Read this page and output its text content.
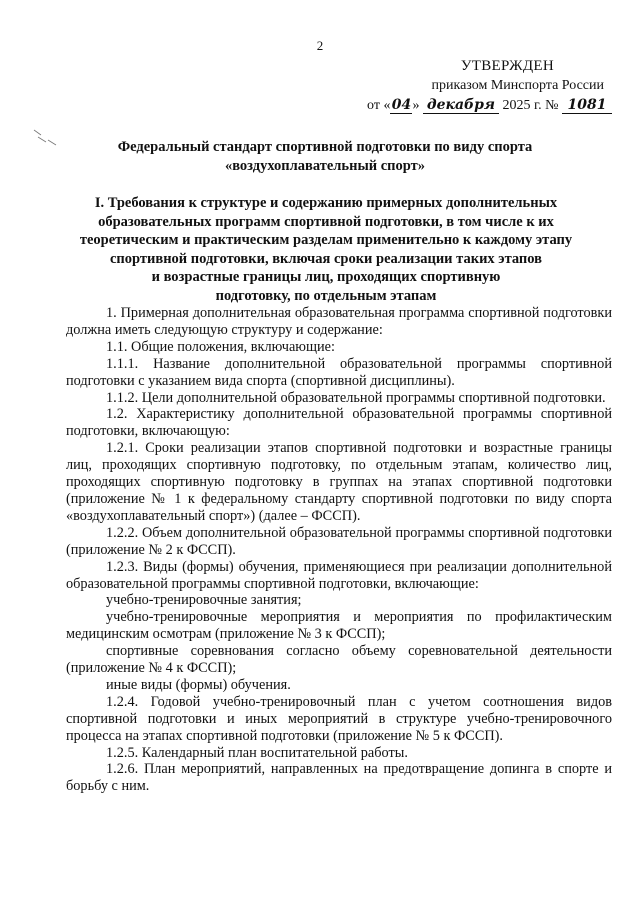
2
УТВЕРЖДЕН
приказом Минспорта России
от «04» декабря 2025 г. № 1081
Федеральный стандарт спортивной подготовки по виду спорта
«воздухоплавательный спорт»
I. Требования к структуре и содержанию примерных дополнительных
образовательных программ спортивной подготовки, в том числе к их
теоретическим и практическим разделам применительно к каждому этапу
спортивной подготовки, включая сроки реализации таких этапов
и возрастные границы лиц, проходящих спортивную
подготовку, по отдельным этапам

1. Примерная дополнительная образовательная программа спортивной подготовки должна иметь следующую структуру и содержание:

1.1. Общие положения, включающие:

1.1.1. Название дополнительной образовательной программы спортивной подготовки с указанием вида спорта (спортивной дисциплины).

1.1.2. Цели дополнительной образовательной программы спортивной подготовки.

1.2. Характеристику дополнительной образовательной программы спортивной подготовки, включающую:

1.2.1. Сроки реализации этапов спортивной подготовки и возрастные границы лиц, проходящих спортивную подготовку, по отдельным этапам, количество лиц, проходящих спортивную подготовку в группах на этапах спортивной подготовки (приложение № 1 к федеральному стандарту спортивной подготовки по виду спорта «воздухоплавательный спорт») (далее – ФССП).

1.2.2. Объем дополнительной образовательной программы спортивной подготовки (приложение № 2 к ФССП).

1.2.3. Виды (формы) обучения, применяющиеся при реализации дополнительной образовательной программы спортивной подготовки, включающие:

учебно-тренировочные занятия;

учебно-тренировочные мероприятия и мероприятия по профилактическим медицинским осмотрам (приложение № 3 к ФССП);

спортивные соревнования согласно объему соревновательной деятельности (приложение № 4 к ФССП);

иные виды (формы) обучения.

1.2.4. Годовой учебно-тренировочный план с учетом соотношения видов спортивной подготовки и иных мероприятий в структуре учебно-тренировочного процесса на этапах спортивной подготовки (приложение № 5 к ФССП).

1.2.5. Календарный план воспитательной работы.

1.2.6. План мероприятий, направленных на предотвращение допинга в спорте и борьбу с ним.
